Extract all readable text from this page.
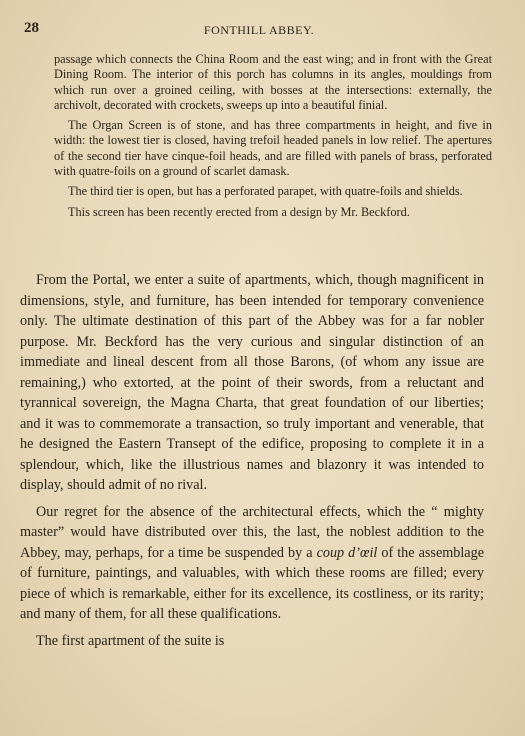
28	FONTHILL ABBEY.

passage which connects the China Room and the east wing; and in front with the Great Dining Room. The interior of this porch has columns in its angles, mouldings from which run over a groined ceiling, with bosses at the intersections: externally, the archivolt, decorated with crockets, sweeps up into a beautiful finial.

The Organ Screen is of stone, and has three compartments in height, and five in width: the lowest tier is closed, having trefoil headed panels in low relief. The apertures of the second tier have cinque-foil heads, and are filled with panels of brass, perforated with quatre-foils on a ground of scarlet damask.

The third tier is open, but has a perforated parapet, with quatre-foils and shields.

This screen has been recently erected from a design by Mr. Beckford.

From the Portal, we enter a suite of apartments, which, though magnificent in dimensions, style, and furniture, has been intended for temporary convenience only. The ultimate destination of this part of the Abbey was for a far nobler purpose. Mr. Beckford has the very curious and singular distinction of an immediate and lineal descent from all those Barons, (of whom any issue are remaining,) who extorted, at the point of their swords, from a reluctant and tyrannical sovereign, the Magna Charta, that great foundation of our liberties; and it was to commemorate a transaction, so truly important and venerable, that he designed the Eastern Transept of the edifice, proposing to complete it in a splendour, which, like the illustrious names and blazonry it was intended to display, should admit of no rival.

Our regret for the absence of the architectural effects, which the “ mighty master” would have distributed over this, the last, the noblest addition to the Abbey, may, perhaps, for a time be suspended by a coup d’œil of the assemblage of furniture, paintings, and valuables, with which these rooms are filled; every piece of which is remarkable, either for its excellence, its costliness, or its rarity; and many of them, for all these qualifications.

The first apartment of the suite is
